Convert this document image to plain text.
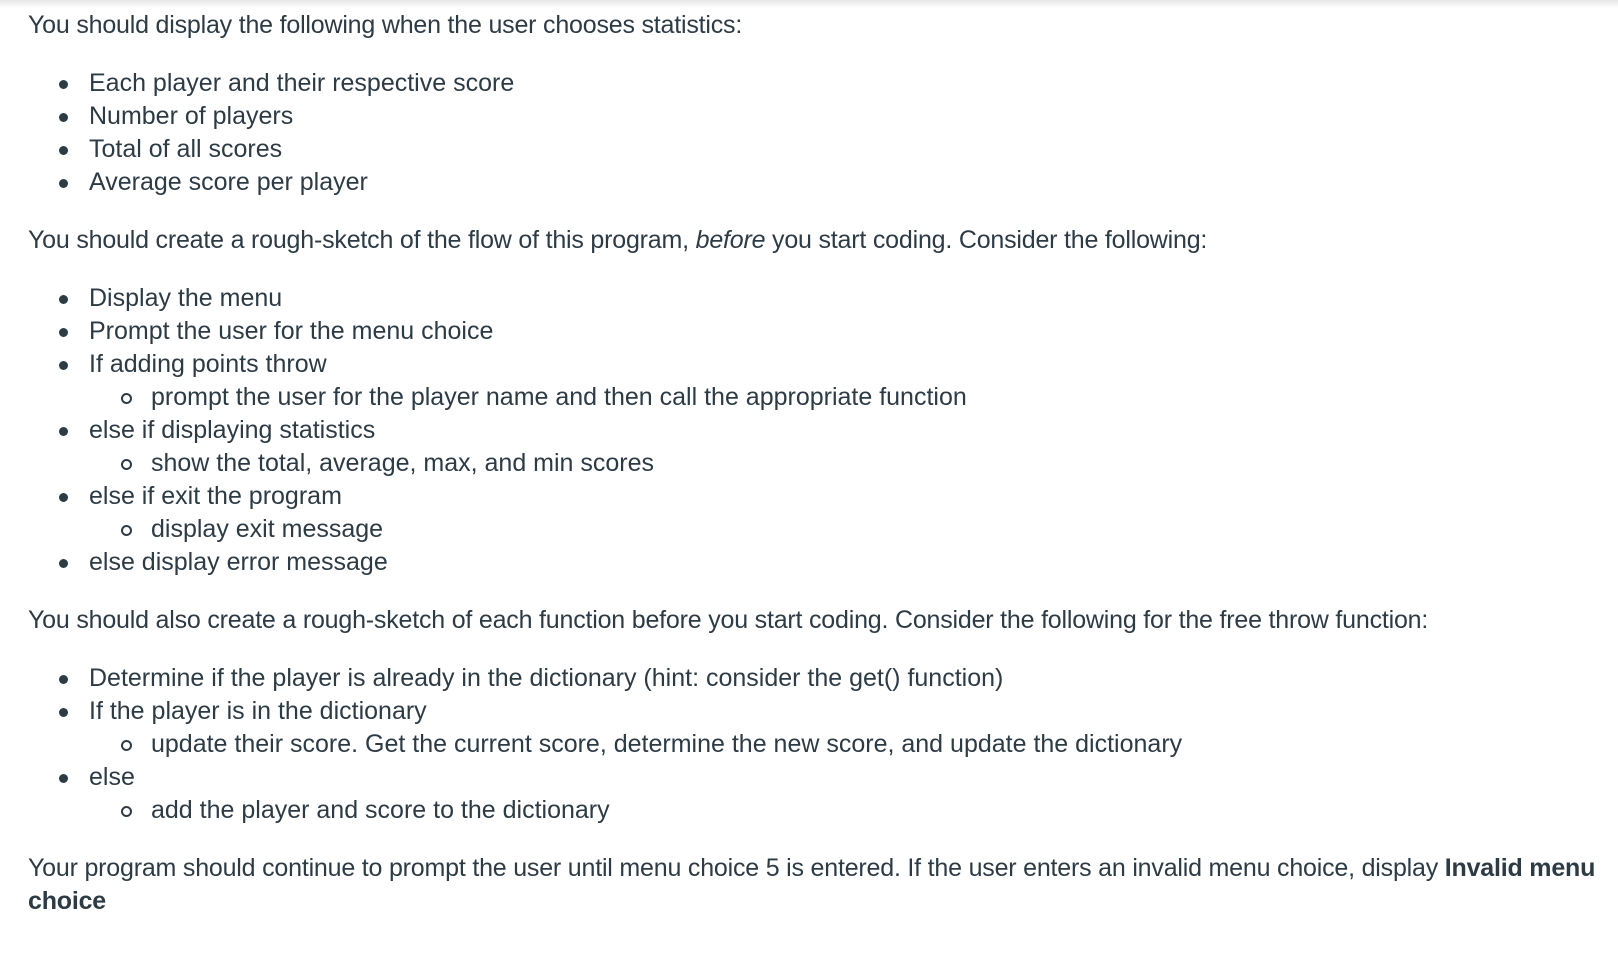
You should display the following when the user chooses statistics:

Each player and their respective score
Number of players
Total of all scores
Average score per player

You should create a rough-sketch of the flow of this program, before you start coding. Consider the following:

Display the menu
Prompt the user for the menu choice
If adding points throw
prompt the user for the player name and then call the appropriate function
else if displaying statistics
show the total, average, max, and min scores
else if exit the program
display exit message
else display error message

You should also create a rough-sketch of each function before you start coding. Consider the following for the free throw function:

Determine if the player is already in the dictionary (hint: consider the get() function)
If the player is in the dictionary
update their score. Get the current score, determine the new score, and update the dictionary
else
add the player and score to the dictionary

Your program should continue to prompt the user until menu choice 5 is entered. If the user enters an invalid menu choice, display Invalid menu choice
